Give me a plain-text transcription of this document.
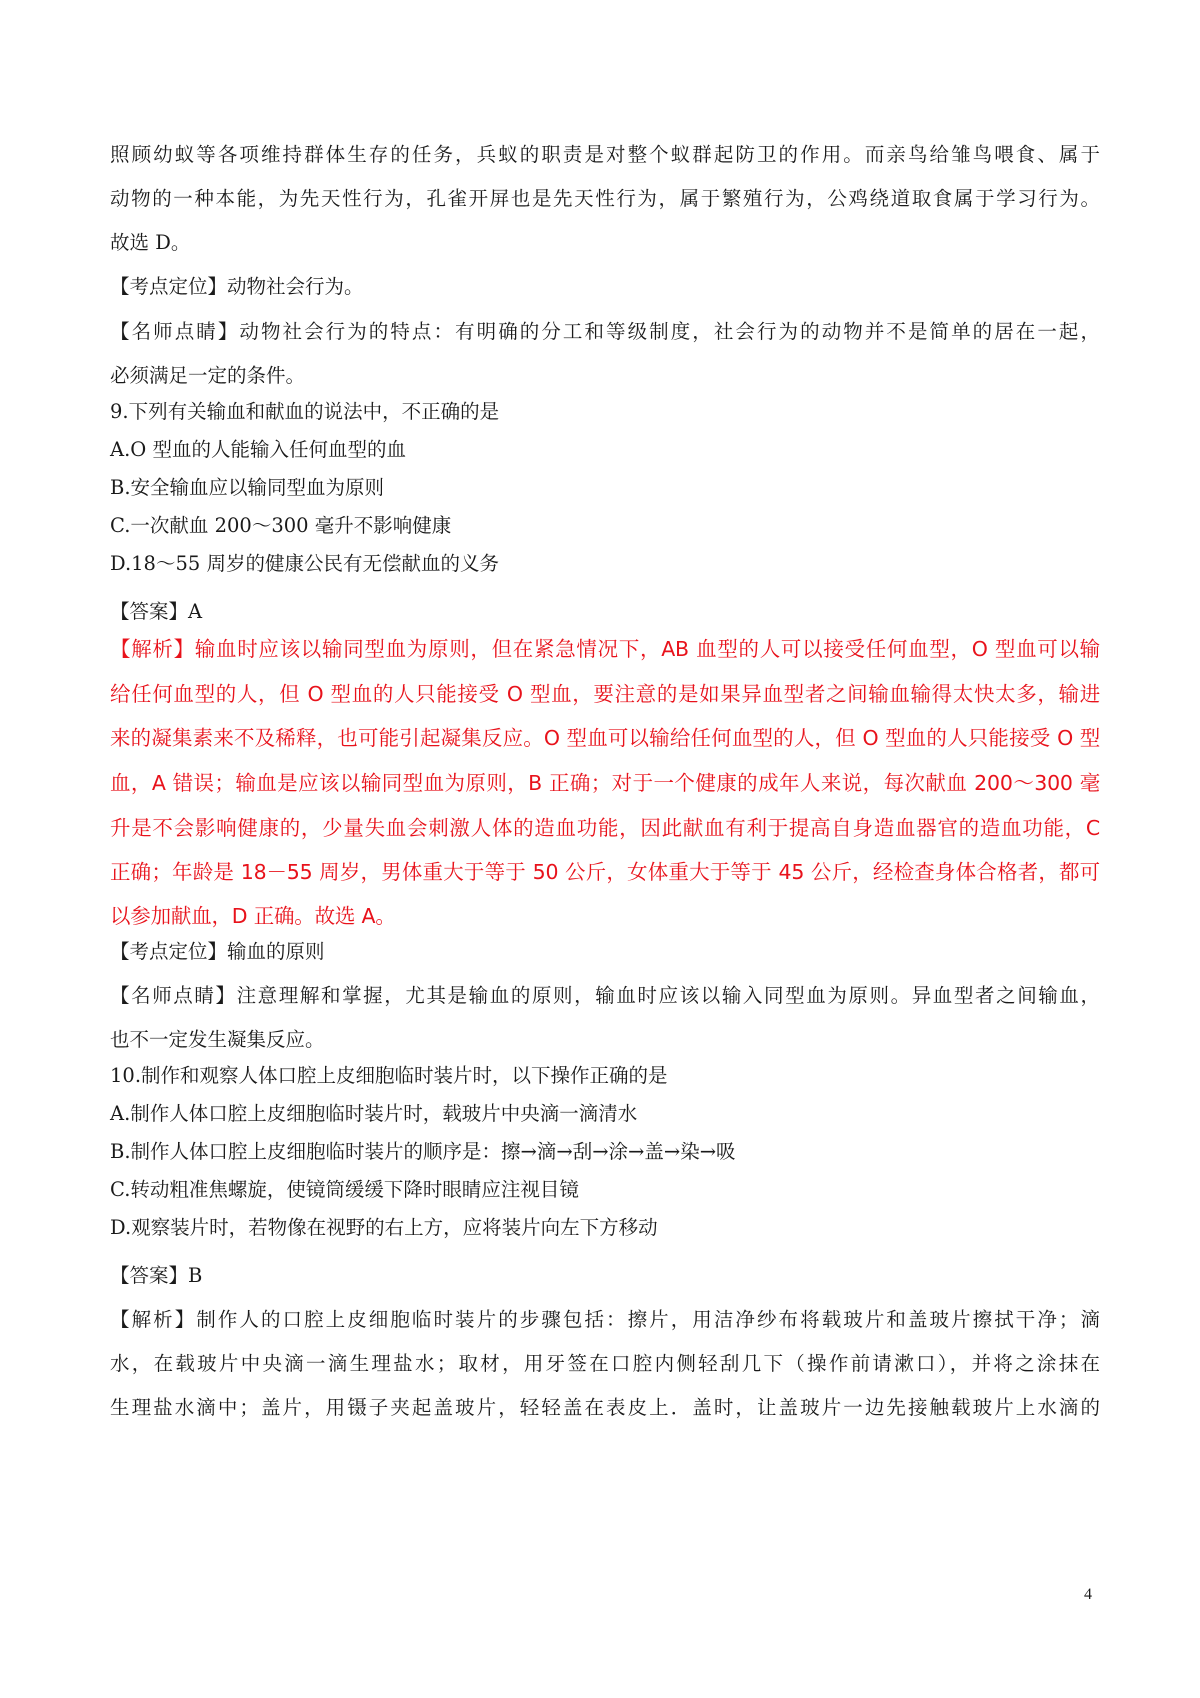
照顾幼蚁等各项维持群体生存的任务，兵蚁的职责是对整个蚁群起防卫的作用。而亲鸟给雏鸟喂食、属于
动物的一种本能，为先天性行为，孔雀开屏也是先天性行为，属于繁殖行为，公鸡绕道取食属于学习行为。
故选 D。
【考点定位】动物社会行为。
【名师点睛】动物社会行为的特点：有明确的分工和等级制度，社会行为的动物并不是简单的居在一起，
必须满足一定的条件。
9.下列有关输血和献血的说法中，不正确的是
A.O 型血的人能输入任何血型的血
B.安全输血应以输同型血为原则
C.一次献血 200～300 毫升不影响健康
D.18～55 周岁的健康公民有无偿献血的义务
【答案】A
【解析】输血时应该以输同型血为原则，但在紧急情况下，AB 血型的人可以接受任何血型，O 型血可以输
给任何血型的人，但 O 型血的人只能接受 O 型血，要注意的是如果异血型者之间输血输得太快太多，输进
来的凝集素来不及稀释，也可能引起凝集反应。O 型血可以输给任何血型的人，但 O 型血的人只能接受 O 型
血，A 错误；输血是应该以输同型血为原则，B 正确；对于一个健康的成年人来说，每次献血 200～300 毫
升是不会影响健康的，少量失血会刺激人体的造血功能，因此献血有利于提高自身造血器官的造血功能，C
正确；年龄是 18－55 周岁，男体重大于等于 50 公斤，女体重大于等于 45 公斤，经检查身体合格者，都可
以参加献血，D 正确。故选 A。
【考点定位】输血的原则
【名师点睛】注意理解和掌握，尤其是输血的原则，输血时应该以输入同型血为原则。异血型者之间输血，
也不一定发生凝集反应。
10.制作和观察人体口腔上皮细胞临时装片时，以下操作正确的是
A.制作人体口腔上皮细胞临时装片时，载玻片中央滴一滴清水
B.制作人体口腔上皮细胞临时装片的顺序是：擦→滴→刮→涂→盖→染→吸
C.转动粗准焦螺旋，使镜筒缓缓下降时眼睛应注视目镜
D.观察装片时，若物像在视野的右上方，应将装片向左下方移动
【答案】B
【解析】制作人的口腔上皮细胞临时装片的步骤包括：擦片，用洁净纱布将载玻片和盖玻片擦拭干净；滴
水，在载玻片中央滴一滴生理盐水；取材，用牙签在口腔内侧轻刮几下（操作前请漱口），并将之涂抹在
生理盐水滴中；盖片，用镊子夹起盖玻片，轻轻盖在表皮上．盖时，让盖玻片一边先接触载玻片上水滴的
4
